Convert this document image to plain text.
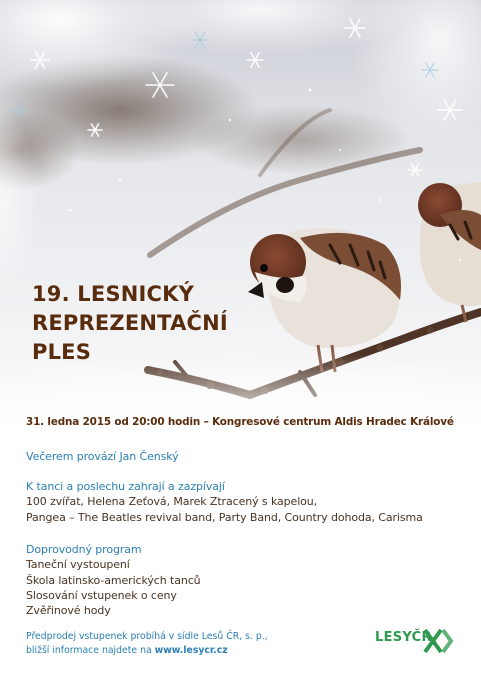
19. LESNICKÝ
REPREZENTAČNÍ
PLES
31. ledna 2015 od 20:00 hodin – Kongresové centrum Aldis Hradec Králové
Večerem provází Jan Čenský
K tanci a poslechu zahrají a zazpívají
100 zvířat, Helena Zeťová, Marek Ztracený s kapelou,
Pangea – The Beatles revival band, Party Band, Country dohoda, Carisma
Doprovodný program
Taneční vystoupení
Škola latinsko-amerických tanců
Slosování vstupenek o ceny
Zvěřinové hody
Předprodej vstupenek probíhá v sídle Lesů ČR, s. p.,
bližší informace najdete na www.lesycr.cz
LESYČR
